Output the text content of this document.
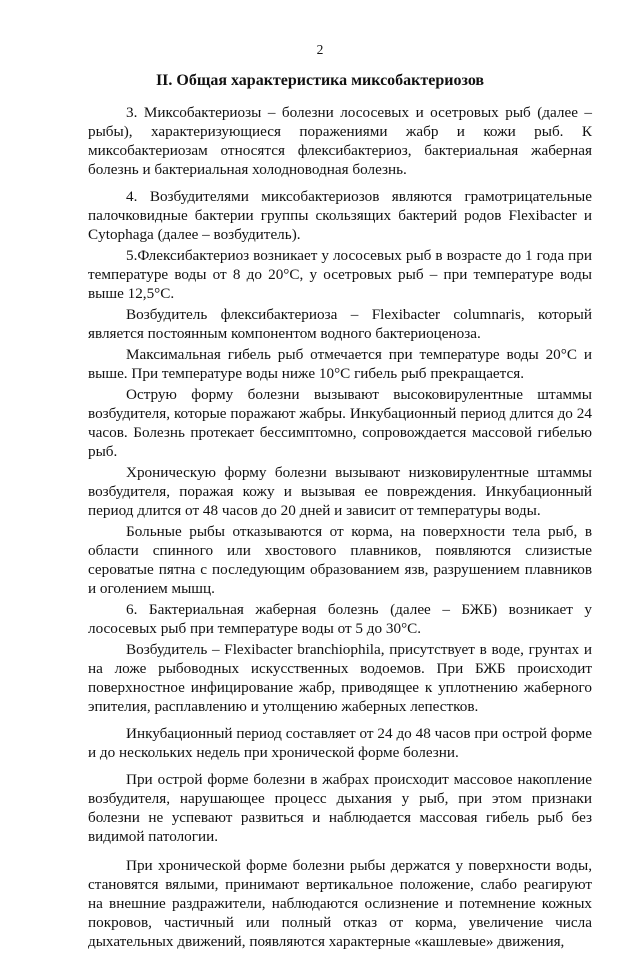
2
II. Общая характеристика миксобактериозов

3. Миксобактериозы – болезни лососевых и осетровых рыб (далее – рыбы), характеризующиеся поражениями жабр и кожи рыб. К миксобактериозам относятся флексибактериоз, бактериальная жаберная болезнь и бактериальная холодноводная болезнь.

4. Возбудителями миксобактериозов являются грамотрицательные палочковидные бактерии группы скользящих бактерий родов Flexibacter и Cytophaga (далее – возбудитель).

5.Флексибактериоз возникает у лососевых рыб в возрасте до 1 года при температуре воды от 8 до 20°С, у осетровых рыб – при температуре воды выше 12,5°С.

Возбудитель флексибактериоза – Flexibacter columnaris, который является постоянным компонентом водного бактериоценоза.

Максимальная гибель рыб отмечается при температуре воды 20°С и выше. При температуре воды ниже 10°С гибель рыб прекращается.

Острую форму болезни вызывают высоковирулентные штаммы возбудителя, которые поражают жабры. Инкубационный период длится до 24 часов. Болезнь протекает бессимптомно, сопровождается массовой гибелью рыб.

Хроническую форму болезни вызывают низковирулентные штаммы возбудителя, поражая кожу и вызывая ее повреждения. Инкубационный период длится от 48 часов до 20 дней и зависит от температуры воды.

Больные рыбы отказываются от корма, на поверхности тела рыб, в области спинного или хвостового плавников, появляются слизистые сероватые пятна с последующим образованием язв, разрушением плавников и оголением мышц.

6. Бактериальная жаберная болезнь (далее – БЖБ) возникает у лососевых рыб при температуре воды от 5 до 30°С.

Возбудитель – Flexibacter branchiophila, присутствует в воде, грунтах и на ложе рыбоводных искусственных водоемов. При БЖБ происходит поверхностное инфицирование жабр, приводящее к уплотнению жаберного эпителия, расплавлению и утолщению жаберных лепестков.

Инкубационный период составляет от 24 до 48 часов при острой форме и до нескольких недель при хронической форме болезни.

При острой форме болезни в жабрах происходит массовое накопление возбудителя, нарушающее процесс дыхания у рыб, при этом признаки болезни не успевают развиться и наблюдается массовая гибель рыб без видимой патологии.

При хронической форме болезни рыбы держатся у поверхности воды, становятся вялыми, принимают вертикальное положение, слабо реагируют на внешние раздражители, наблюдаются ослизнение и потемнение кожных покровов, частичный или полный отказ от корма, увеличение числа дыхательных движений, появляются характерные «кашлевые» движения,
